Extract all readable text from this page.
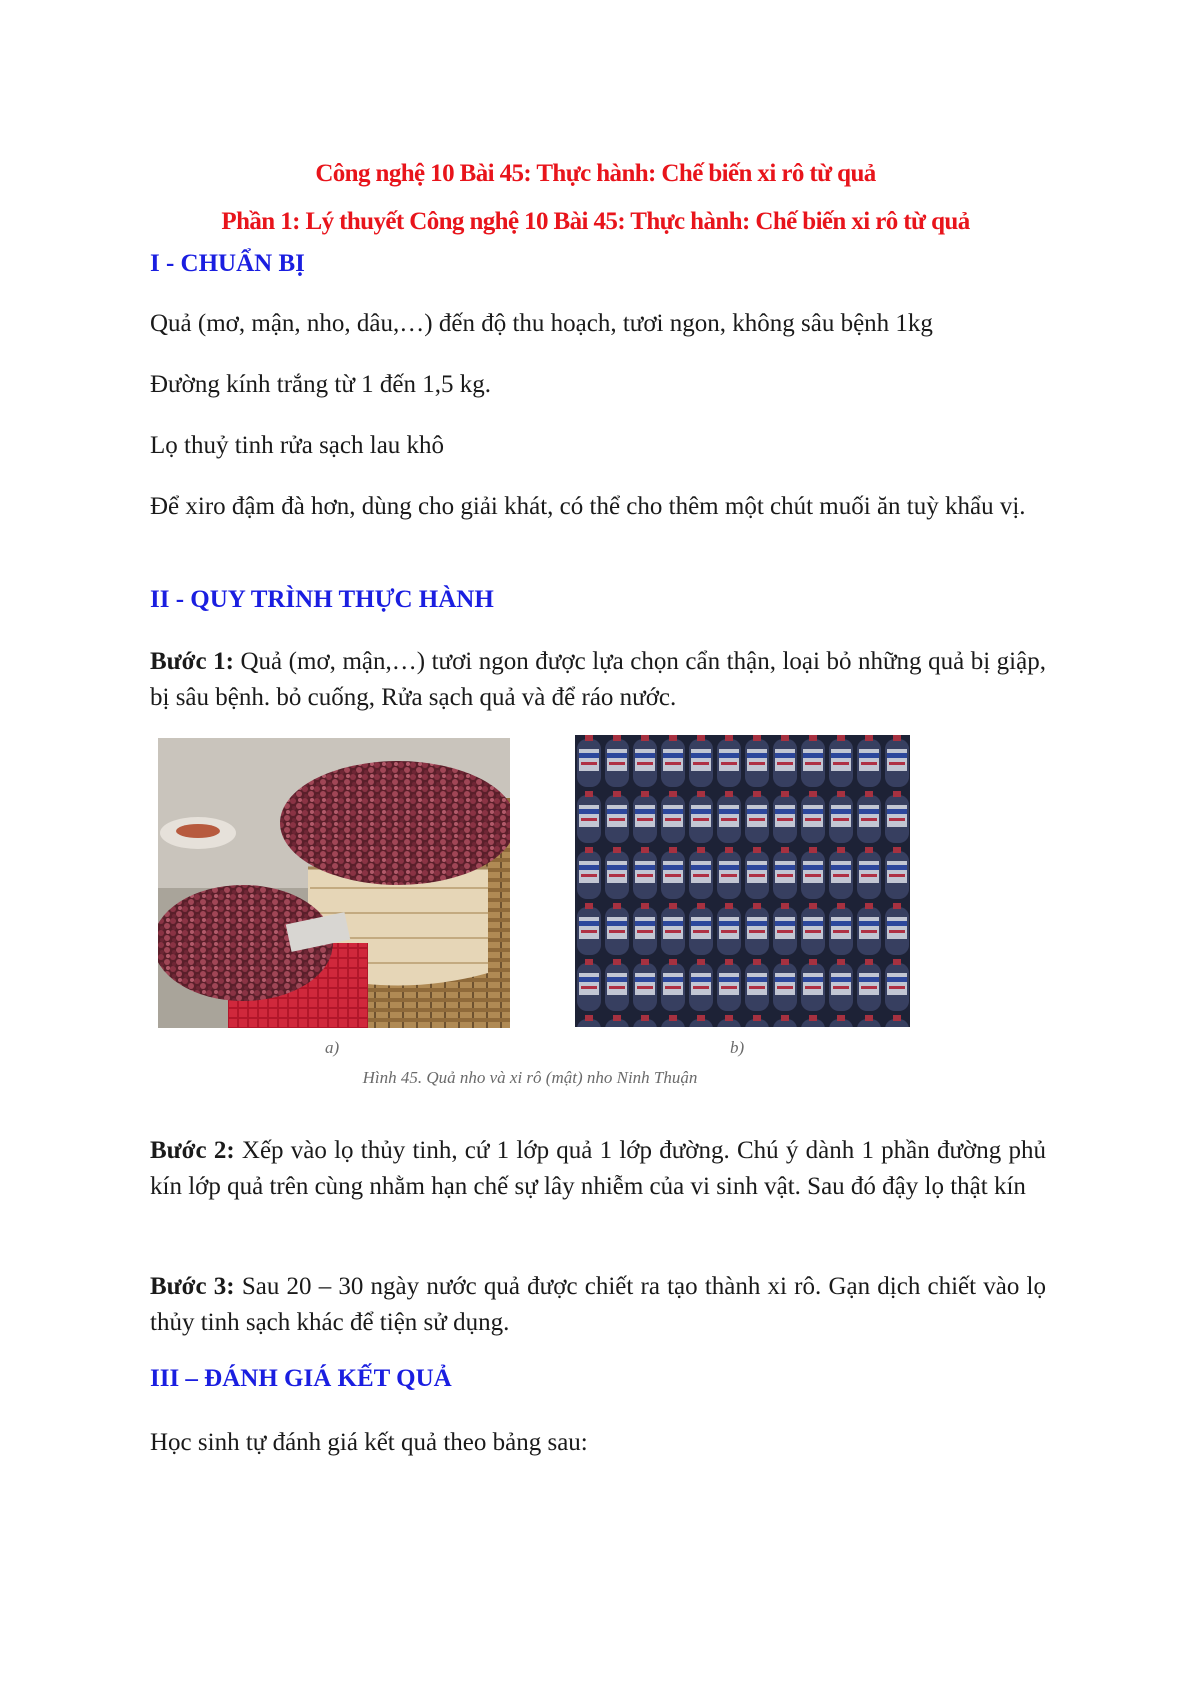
Công nghệ 10 Bài 45: Thực hành: Chế biến xi rô từ quả
Phần 1: Lý thuyết Công nghệ 10 Bài 45: Thực hành: Chế biến xi rô từ quả
I - CHUẨN BỊ
Quả (mơ, mận, nho, dâu,…) đến độ thu hoạch, tươi ngon, không sâu bệnh 1kg
Đường kính trắng từ 1 đến 1,5 kg.
Lọ thuỷ tinh rửa sạch lau khô
Để xiro đậm đà hơn, dùng cho giải khát, có thể cho thêm một chút muối ăn tuỳ khẩu vị.
II - QUY TRÌNH THỰC HÀNH
Bước 1: Quả (mơ, mận,…) tươi ngon được lựa chọn cẩn thận, loại bỏ những quả bị giập, bị sâu bệnh. bỏ cuống, Rửa sạch quả và để ráo nước.
a)	b)
Hình 45. Quả nho và xi rô (mật) nho Ninh Thuận
Bước 2: Xếp vào lọ thủy tinh, cứ 1 lớp quả 1 lớp đường. Chú ý dành 1 phần đường phủ kín lớp quả trên cùng nhằm hạn chế sự lây nhiễm của vi sinh vật. Sau đó đậy lọ thật kín
Bước 3: Sau 20 – 30 ngày nước quả được chiết ra tạo thành xi rô. Gạn dịch chiết vào lọ thủy tinh sạch khác để tiện sử dụng.
III – ĐÁNH GIÁ KẾT QUẢ
Học sinh tự đánh giá kết quả theo bảng sau:
